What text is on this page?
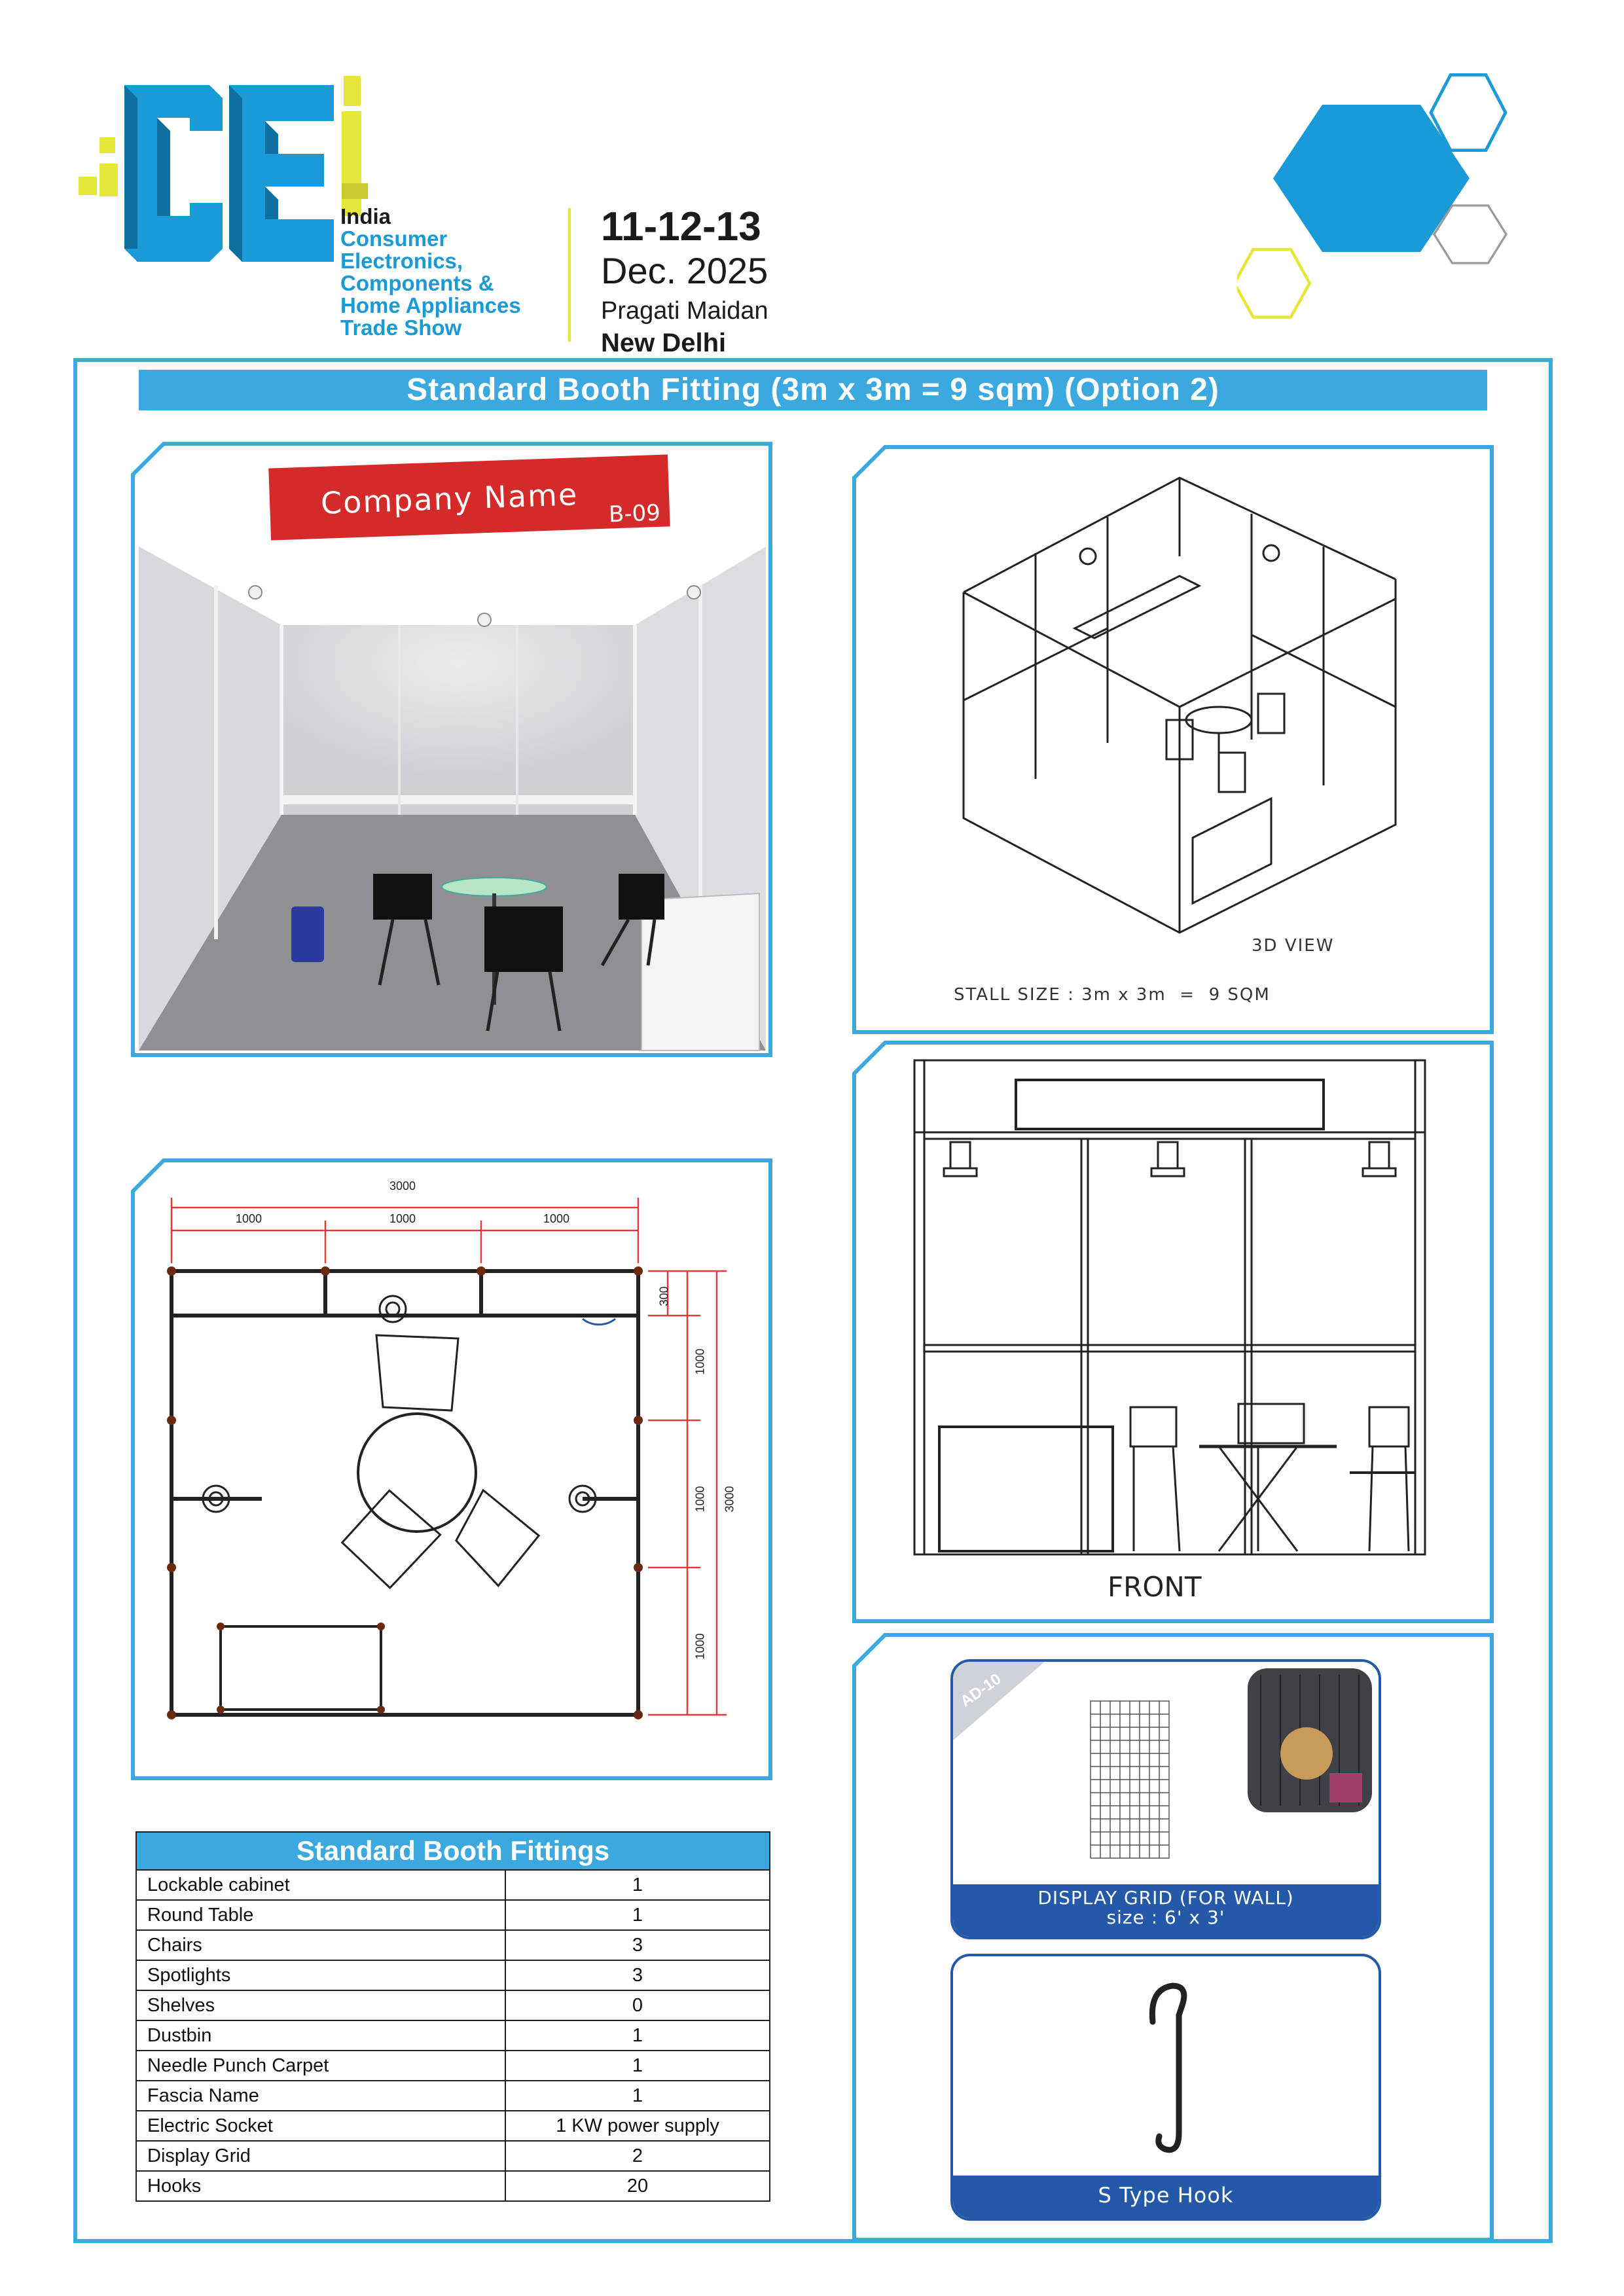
India
Consumer
Electronics,
Components &
Home Appliances
Trade Show
11-12-13
Dec. 2025
Pragati Maidan
New Delhi
Standard Booth Fitting (3m x 3m = 9 sqm) (Option 2)
Company Name B-09
3D VIEW
STALL SIZE : 3m x 3m  =  9 SQM
3000
1000	1000	1000
300
1000
1000
1000
3000
FRONT
AD-10
DISPLAY GRID (FOR WALL)
size : 6' x 3'
S Type Hook
Standard Booth Fittings	
Lockable cabinet	1
Round Table	1
Chairs	3
Spotlights	3
Shelves	0
Dustbin	1
Needle Punch Carpet	1
Fascia Name	1
Electric Socket	1 KW power supply
Display Grid	2
Hooks	20
